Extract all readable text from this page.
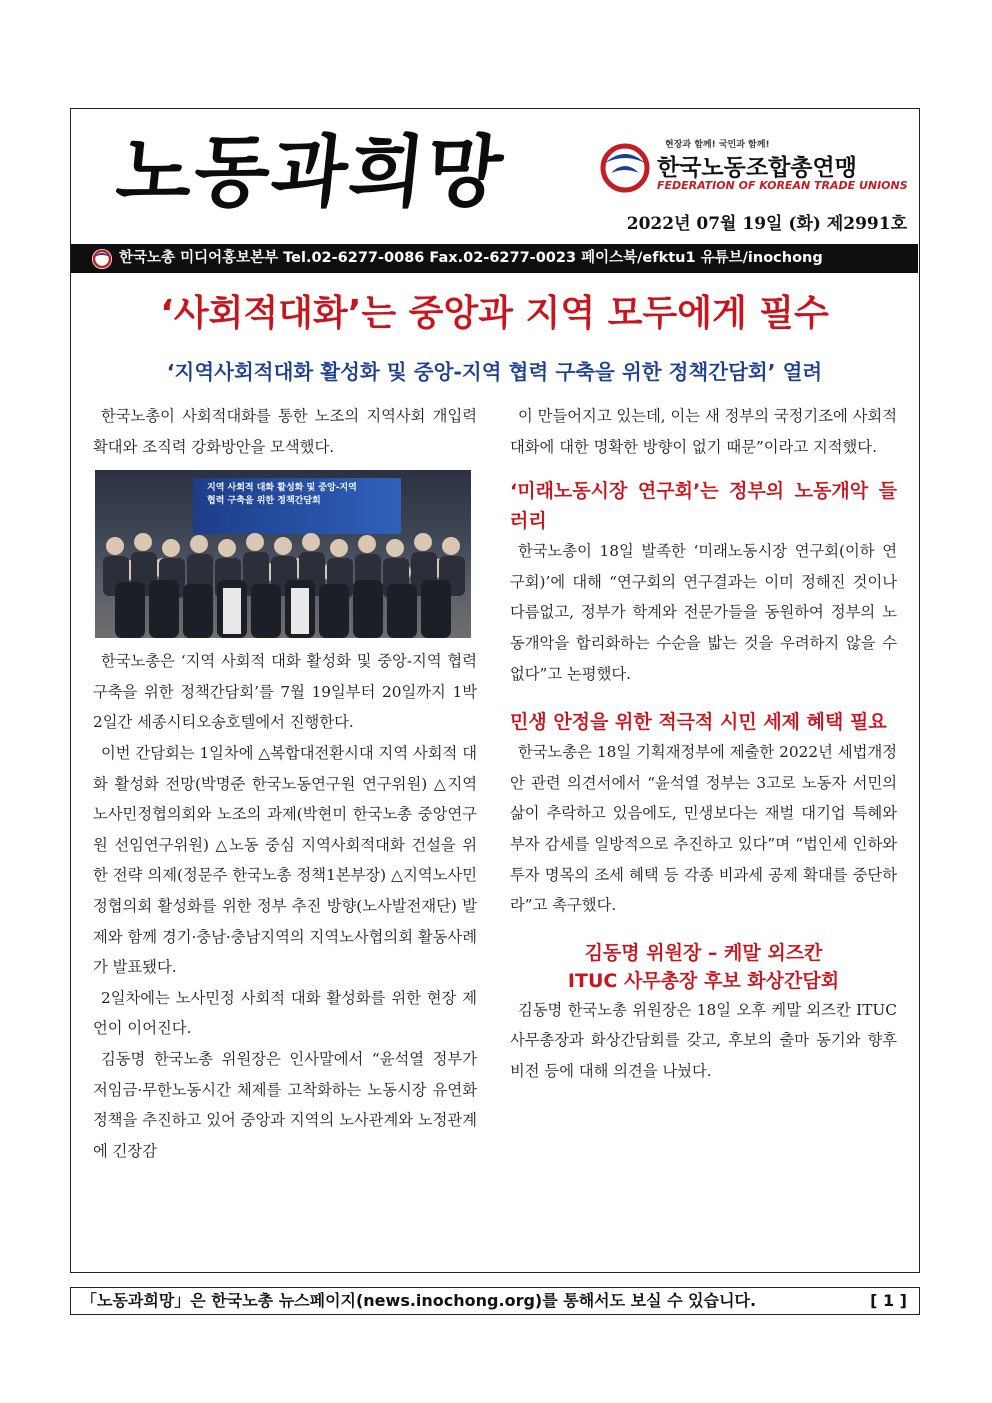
노동과희망	현장과 함께! 국민과 함께!
한국노동조합총연맹
FEDERATION OF KOREAN TRADE UNIONS
2022년 07월 19일 (화) 제2991호
한국노총 미디어홍보본부 Tel.02-6277-0086 Fax.02-6277-0023 페이스북/efktu1 유튜브/inochong
‘사회적대화’는 중앙과 지역 모두에게 필수
‘지역사회적대화 활성화 및 중앙-지역 협력 구축을 위한 정책간담회’ 열려

한국노총이 사회적대화를 통한 노조의 지역사회 개입력 확대와 조직력 강화방안을 모색했다.

지역 사회적 대화 활성화 및 중앙-지역
협력 구축을 위한 정책간담회

한국노총은 ‘지역 사회적 대화 활성화 및 중앙-지역 협력 구축을 위한 정책간담회’를 7월 19일부터 20일까지 1박 2일간 세종시티오송호텔에서 진행한다.

이번 간담회는 1일차에 △복합대전환시대 지역 사회적 대화 활성화 전망(박명준 한국노동연구원 연구위원) △지역노사민정협의회와 노조의 과제(박현미 한국노총 중앙연구원 선임연구위원) △노동 중심 지역사회적대화 건설을 위한 전략 의제(정문주 한국노총 정책1본부장) △지역노사민정협의회 활성화를 위한 정부 추진 방향(노사발전재단) 발제와 함께 경기·충남·충남지역의 지역노사협의회 활동사례가 발표됐다.

2일차에는 노사민정 사회적 대화 활성화를 위한 현장 제언이 이어진다.

김동명 한국노총 위원장은 인사말에서 “윤석열 정부가 저임금·무한노동시간 체제를 고착화하는 노동시장 유연화 정책을 추진하고 있어 중앙과 지역의 노사관계와 노정관계에 긴장감

이 만들어지고 있는데, 이는 새 정부의 국정기조에 사회적 대화에 대한 명확한 방향이 없기 때문”이라고 지적했다.

‘미래노동시장 연구회’는 정부의 노동개악 들러리

한국노총이 18일 발족한 ‘미래노동시장 연구회(이하 연구회)’에 대해 “연구회의 연구결과는 이미 정해진 것이나 다름없고, 정부가 학계와 전문가들을 동원하여 정부의 노동개악을 합리화하는 수순을 밟는 것을 우려하지 않을 수 없다”고 논평했다.

민생 안정을 위한 적극적 시민 세제 혜택 필요

한국노총은 18일 기획재정부에 제출한 2022년 세법개정안 관련 의견서에서 “윤석열 정부는 3고로 노동자 서민의 삶이 추락하고 있음에도, 민생보다는 재벌 대기업 특혜와 부자 감세를 일방적으로 추진하고 있다”며 “법인세 인하와 투자 명목의 조세 혜택 등 각종 비과세 공제 확대를 중단하라”고 촉구했다.

김동명 위원장 – 케말 외즈칸
ITUC 사무총장 후보 화상간담회

김동명 한국노총 위원장은 18일 오후 케말 외즈칸 ITUC 사무총장과 화상간담회를 갖고, 후보의 출마 동기와 향후 비전 등에 대해 의견을 나눴다.

「노동과희망」은 한국노총 뉴스페이지(news.inochong.org)를 통해서도 보실 수 있습니다.	[ 1 ]
